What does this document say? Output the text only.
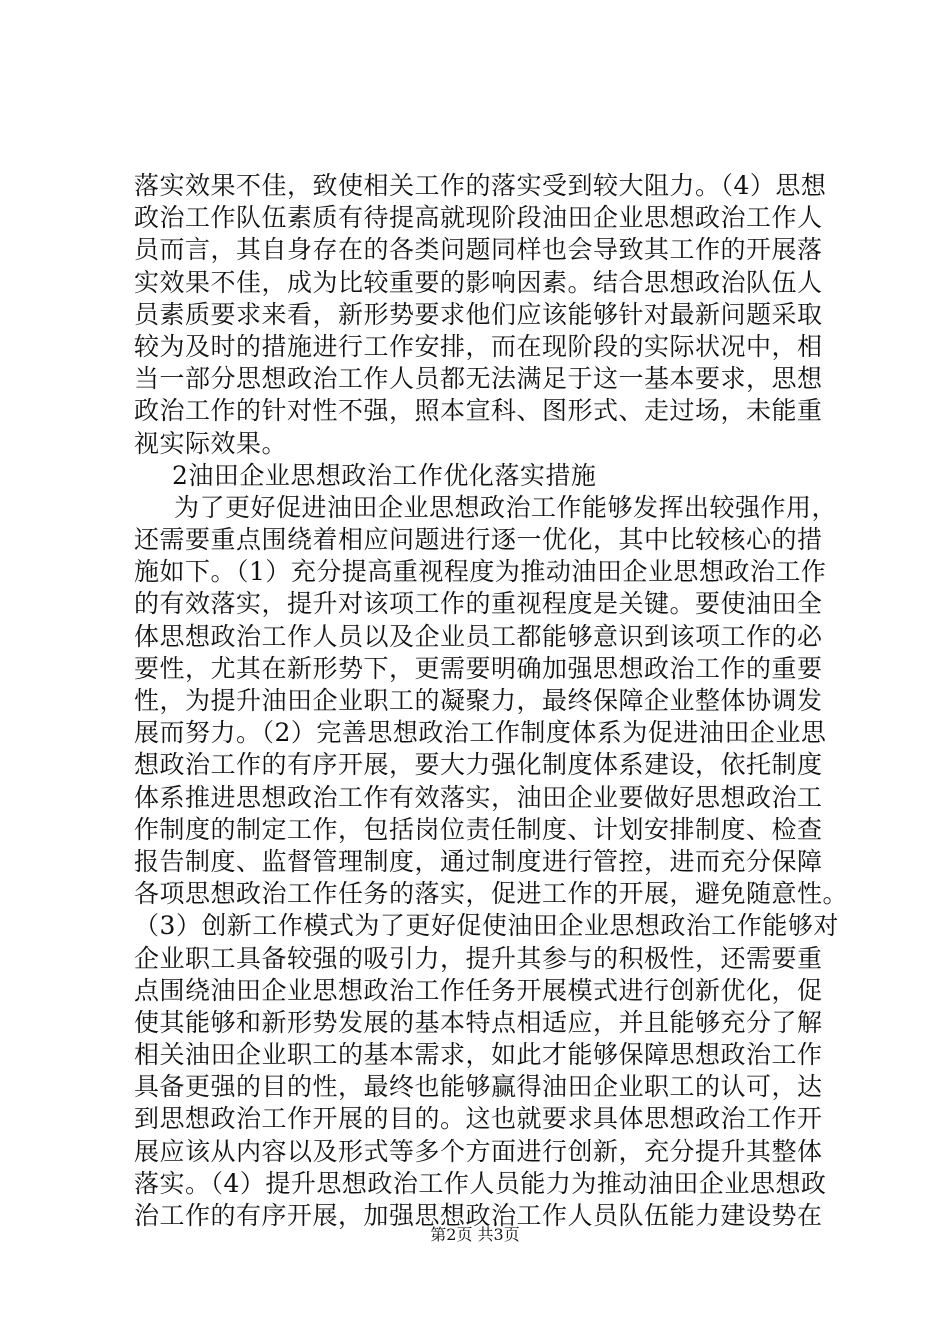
落实效果不佳，致使相关工作的落实受到较大阻力。（4）思想
政治工作队伍素质有待提高就现阶段油田企业思想政治工作人
员而言，其自身存在的各类问题同样也会导致其工作的开展落
实效果不佳，成为比较重要的影响因素。结合思想政治队伍人
员素质要求来看，新形势要求他们应该能够针对最新问题采取
较为及时的措施进行工作安排，而在现阶段的实际状况中，相
当一部分思想政治工作人员都无法满足于这一基本要求，思想
政治工作的针对性不强，照本宣科、图形式、走过场，未能重
视实际效果。
2油田企业思想政治工作优化落实措施
为了更好促进油田企业思想政治工作能够发挥出较强作用，
还需要重点围绕着相应问题进行逐一优化，其中比较核心的措
施如下。（1）充分提高重视程度为推动油田企业思想政治工作
的有效落实，提升对该项工作的重视程度是关键。要使油田全
体思想政治工作人员以及企业员工都能够意识到该项工作的必
要性，尤其在新形势下，更需要明确加强思想政治工作的重要
性，为提升油田企业职工的凝聚力，最终保障企业整体协调发
展而努力。（2）完善思想政治工作制度体系为促进油田企业思
想政治工作的有序开展，要大力强化制度体系建设，依托制度
体系推进思想政治工作有效落实，油田企业要做好思想政治工
作制度的制定工作，包括岗位责任制度、计划安排制度、检查
报告制度、监督管理制度，通过制度进行管控，进而充分保障
各项思想政治工作任务的落实，促进工作的开展，避免随意性。
（3）创新工作模式为了更好促使油田企业思想政治工作能够对
企业职工具备较强的吸引力，提升其参与的积极性，还需要重
点围绕油田企业思想政治工作任务开展模式进行创新优化，促
使其能够和新形势发展的基本特点相适应，并且能够充分了解
相关油田企业职工的基本需求，如此才能够保障思想政治工作
具备更强的目的性，最终也能够赢得油田企业职工的认可，达
到思想政治工作开展的目的。这也就要求具体思想政治工作开
展应该从内容以及形式等多个方面进行创新，充分提升其整体
落实。（4）提升思想政治工作人员能力为推动油田企业思想政
治工作的有序开展，加强思想政治工作人员队伍能力建设势在
第2页 共3页
